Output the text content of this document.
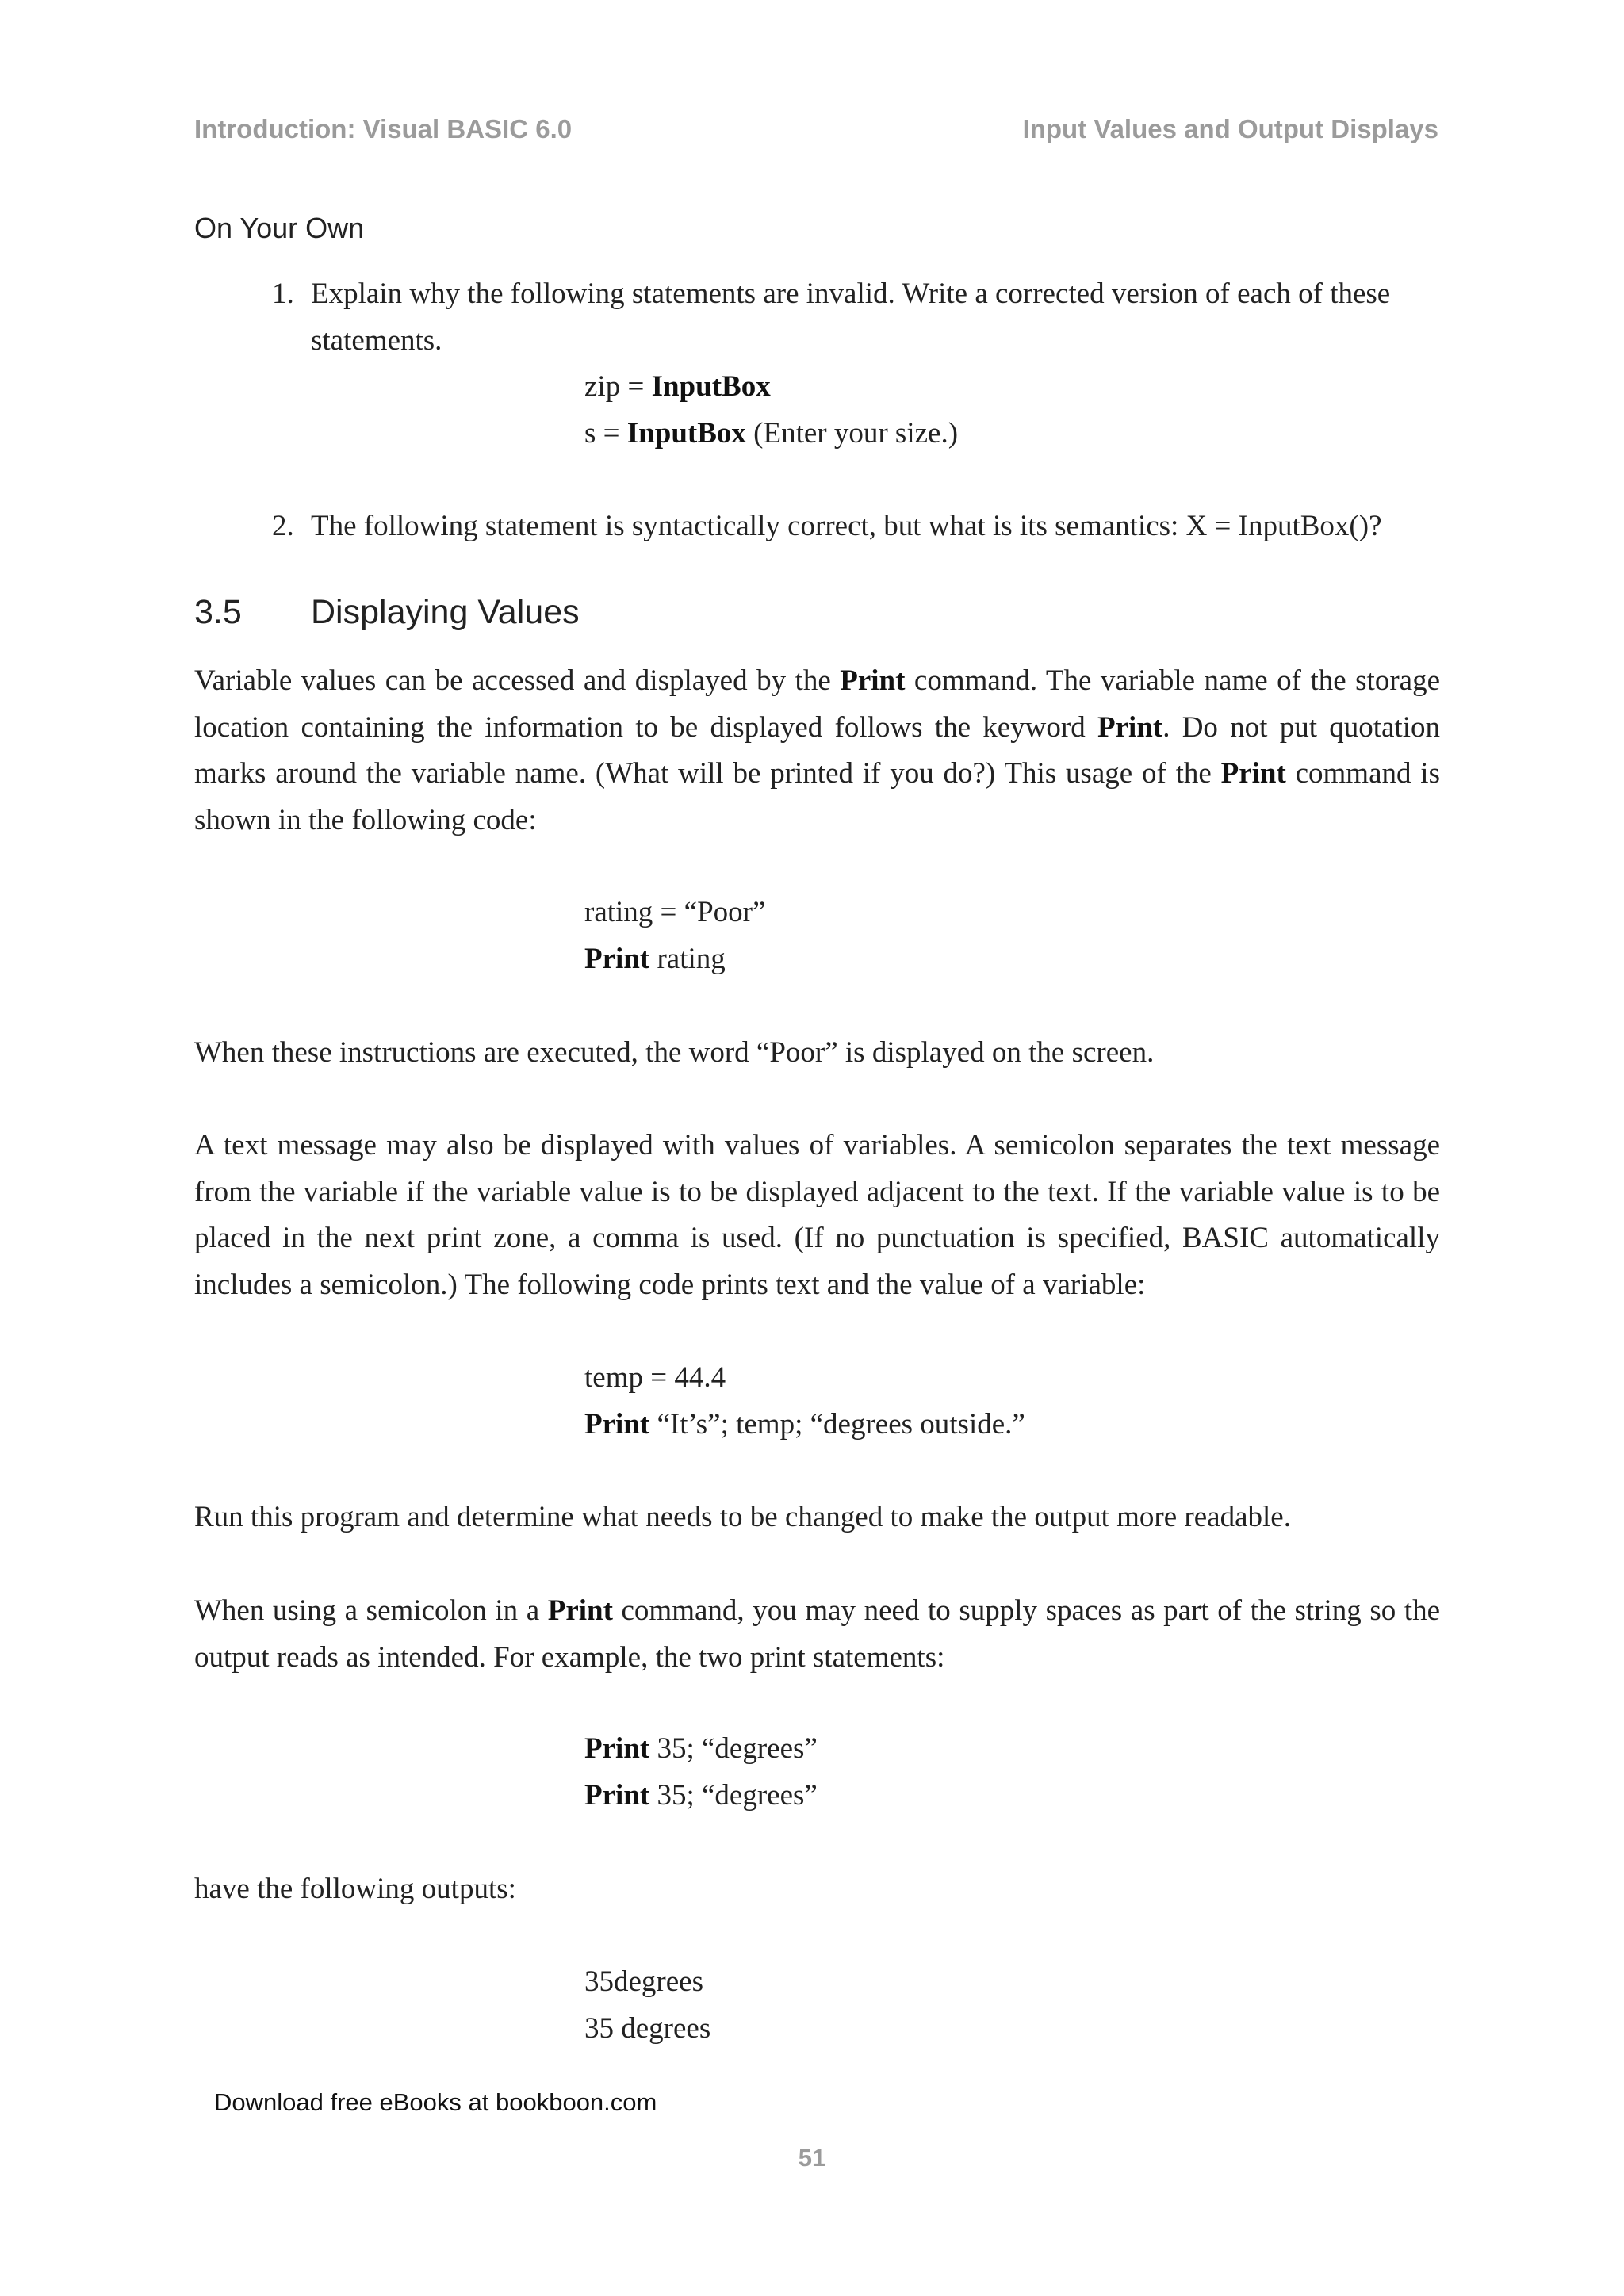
Introduction: Visual BASIC 6.0	Input Values and Output Displays
On Your Own
1. Explain why the following statements are invalid. Write a corrected version of each of these statements.
zip = InputBox
s = InputBox (Enter your size.)
2. The following statement is syntactically correct, but what is its semantics: X = InputBox()?
3.5 Displaying Values
Variable values can be accessed and displayed by the Print command. The variable name of the storage location containing the information to be displayed follows the keyword Print. Do not put quotation marks around the variable name. (What will be printed if you do?) This usage of the Print command is shown in the following code:
rating = “Poor”
Print rating
When these instructions are executed, the word “Poor” is displayed on the screen.
A text message may also be displayed with values of variables. A semicolon separates the text message from the variable if the variable value is to be displayed adjacent to the text. If the variable value is to be placed in the next print zone, a comma is used. (If no punctuation is specified, BASIC automatically includes a semicolon.) The following code prints text and the value of a variable:
temp = 44.4
Print “It’s”; temp; “degrees outside.”
Run this program and determine what needs to be changed to make the output more readable.
When using a semicolon in a Print command, you may need to supply spaces as part of the string so the output reads as intended. For example, the two print statements:
Print 35; “degrees”
Print 35; “degrees”
have the following outputs:
35degrees
35 degrees
Download free eBooks at bookboon.com
51
